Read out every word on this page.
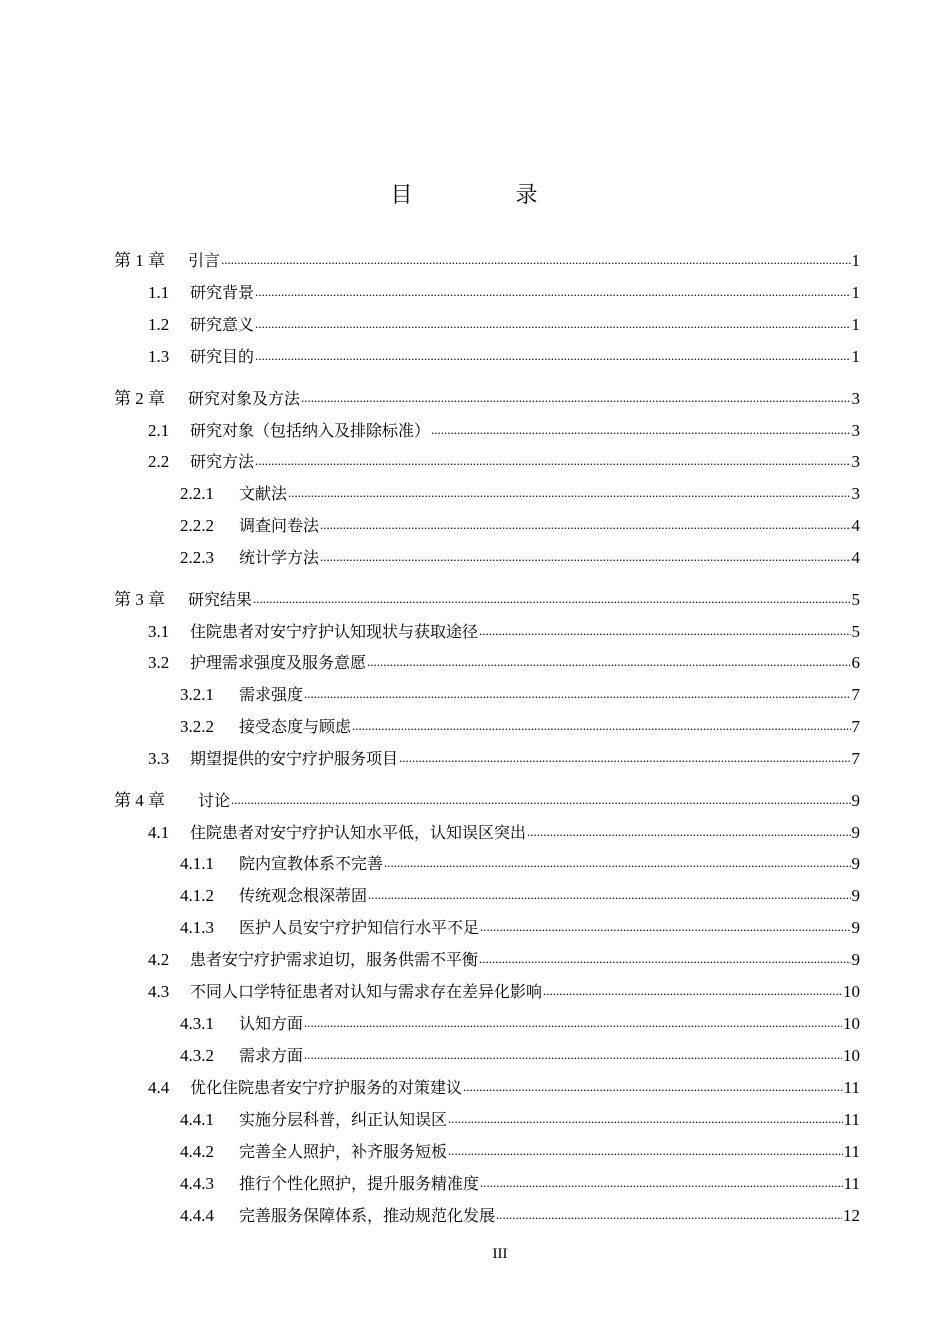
目 录
第 1 章	引言 .....	1
1.1	研究背景 .....	1
1.2	研究意义 .....	1
1.3	研究目的 .....	1
第 2 章	研究对象及方法 .....	3
2.1	研究对象（包括纳入及排除标准） .....	3
2.2	研究方法 .....	3
2.2.1	文献法 .....	3
2.2.2	调查问卷法 .....	4
2.2.3	统计学方法 .....	4
第 3 章	研究结果 .....	5
3.1	住院患者对安宁疗护认知现状与获取途径 .....	5
3.2	护理需求强度及服务意愿 .....	6
3.2.1	需求强度 .....	7
3.2.2	接受态度与顾虑 .....	7
3.3	期望提供的安宁疗护服务项目 .....	7
第 4 章	讨论 .....	9
4.1	住院患者对安宁疗护认知水平低，认知误区突出 .....	9
4.1.1	院内宣教体系不完善 .....	9
4.1.2	传统观念根深蒂固 .....	9
4.1.3	医护人员安宁疗护知信行水平不足 .....	9
4.2	患者安宁疗护需求迫切，服务供需不平衡 .....	9
4.3	不同人口学特征患者对认知与需求存在差异化影响 .....	10
4.3.1	认知方面 .....	10
4.3.2	需求方面 .....	10
4.4	优化住院患者安宁疗护服务的对策建议 .....	11
4.4.1	实施分层科普，纠正认知误区 .....	11
4.4.2	完善全人照护，补齐服务短板 .....	11
4.4.3	推行个性化照护，提升服务精准度 .....	11
4.4.4	完善服务保障体系，推动规范化发展 .....	12
III
